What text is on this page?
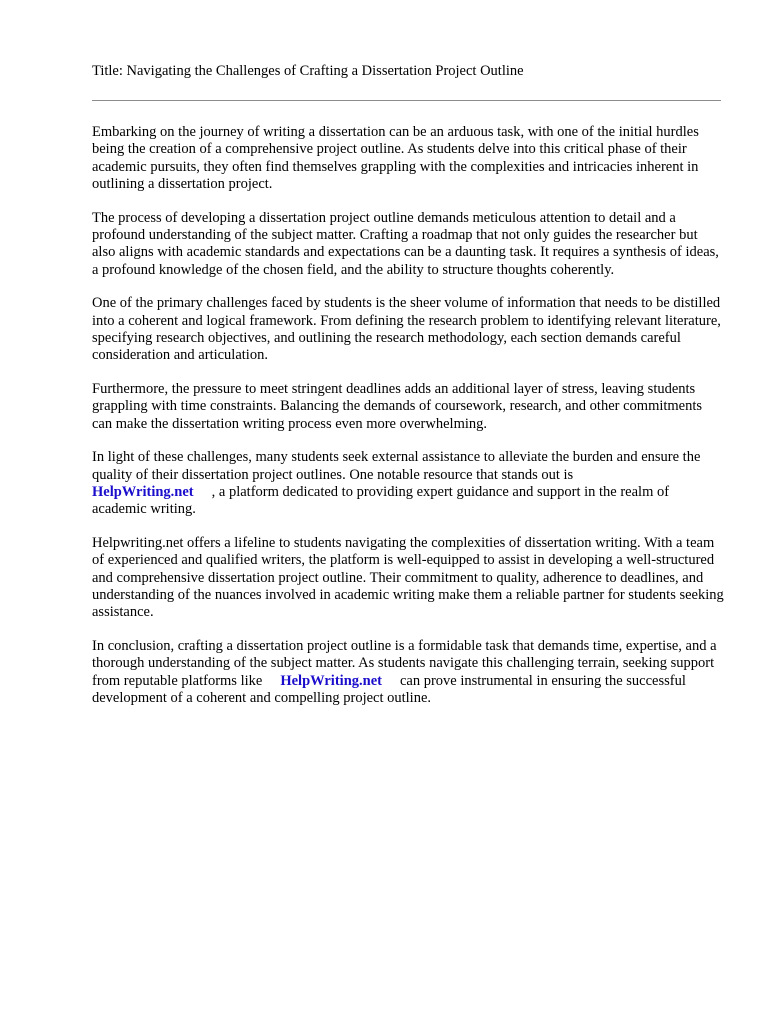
Title: Navigating the Challenges of Crafting a Dissertation Project Outline

Embarking on the journey of writing a dissertation can be an arduous task, with one of the initial hurdles being the creation of a comprehensive project outline. As students delve into this critical phase of their academic pursuits, they often find themselves grappling with the complexities and intricacies inherent in outlining a dissertation project.

The process of developing a dissertation project outline demands meticulous attention to detail and a profound understanding of the subject matter. Crafting a roadmap that not only guides the researcher but also aligns with academic standards and expectations can be a daunting task. It requires a synthesis of ideas, a profound knowledge of the chosen field, and the ability to structure thoughts coherently.

One of the primary challenges faced by students is the sheer volume of information that needs to be distilled into a coherent and logical framework. From defining the research problem to identifying relevant literature, specifying research objectives, and outlining the research methodology, each section demands careful consideration and articulation.

Furthermore, the pressure to meet stringent deadlines adds an additional layer of stress, leaving students grappling with time constraints. Balancing the demands of coursework, research, and other commitments can make the dissertation writing process even more overwhelming.

In light of these challenges, many students seek external assistance to alleviate the burden and ensure the quality of their dissertation project outlines. One notable resource that stands out is
HelpWriting.net , a platform dedicated to providing expert guidance and support in the realm of academic writing.

Helpwriting.net offers a lifeline to students navigating the complexities of dissertation writing. With a team of experienced and qualified writers, the platform is well-equipped to assist in developing a well-structured and comprehensive dissertation project outline. Their commitment to quality, adherence to deadlines, and understanding of the nuances involved in academic writing make them a reliable partner for students seeking assistance.

In conclusion, crafting a dissertation project outline is a formidable task that demands time, expertise, and a thorough understanding of the subject matter. As students navigate this challenging terrain, seeking support from reputable platforms like HelpWriting.net can prove instrumental in ensuring the successful development of a coherent and compelling project outline.
